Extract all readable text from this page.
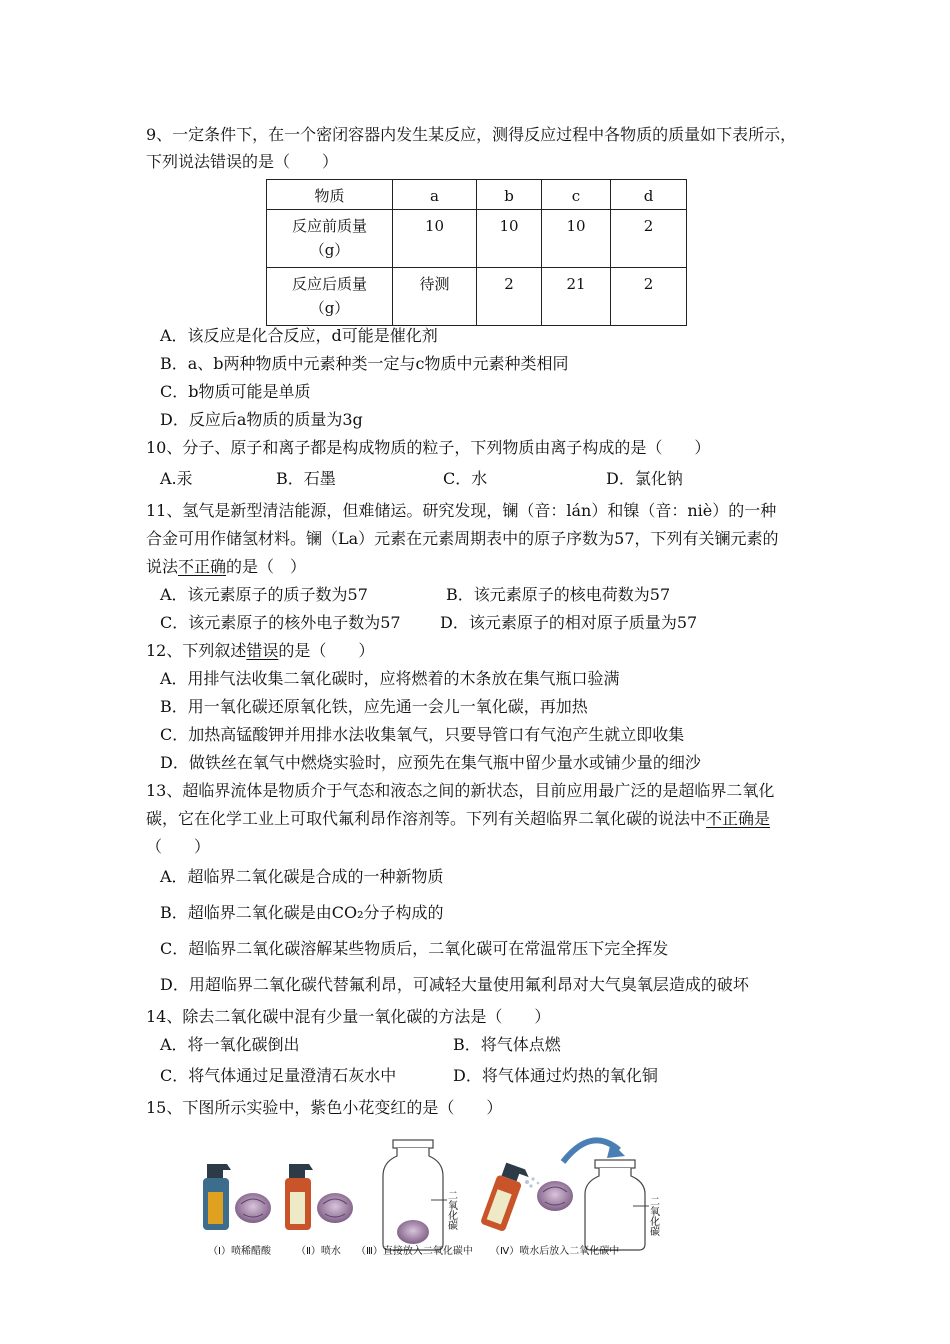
9、一定条件下，在一个密闭容器内发生某反应，测得反应过程中各物质的质量如下表所示，
下列说法错误的是（　　）
物质	a	b	c	d

反应前质量
（g）	10	10	10	2

反应后质量
（g）	待测	2	21	2
A．该反应是化合反应，d可能是催化剂
B．a、b两种物质中元素种类一定与c物质中元素种类相同
C．b物质可能是单质
D．反应后a物质的质量为3g
10、分子、原子和离子都是构成物质的粒子，下列物质由离子构成的是（　　）
A.汞	B．石墨	C．水	D．氯化钠
11、氢气是新型清洁能源，但难储运。研究发现，镧（音：lán）和镍（音：niè）的一种
合金可用作储氢材料。镧（La）元素在元素周期表中的原子序数为57，下列有关镧元素的
说法不正确的是（　）
A．该元素原子的质子数为57	B．该元素原子的核电荷数为57
C．该元素原子的核外电子数为57 D．该元素原子的相对原子质量为57
12、下列叙述错误的是（　　）
A．用排气法收集二氧化碳时，应将燃着的木条放在集气瓶口验满
B．用一氧化碳还原氧化铁，应先通一会儿一氧化碳，再加热
C．加热高锰酸钾并用排水法收集氧气，只要导管口有气泡产生就立即收集
D．做铁丝在氧气中燃烧实验时，应预先在集气瓶中留少量水或铺少量的细沙
13、超临界流体是物质介于气态和液态之间的新状态，目前应用最广泛的是超临界二氧化
碳，它在化学工业上可取代氟利昂作溶剂等。下列有关超临界二氧化碳的说法中不正确是
（　　）
A．超临界二氧化碳是合成的一种新物质
B．超临界二氧化碳是由CO₂分子构成的
C．超临界二氧化碳溶解某些物质后，二氧化碳可在常温常压下完全挥发
D．用超临界二氧化碳代替氟利昂，可减轻大量使用氟利昂对大气臭氧层造成的破坏
14、除去二氧化碳中混有少量一氧化碳的方法是（　　）
A．将一氧化碳倒出	B．将气体点燃
C．将气体通过足量澄清石灰水中	D．将气体通过灼热的氧化铜
15、下图所示实验中，紫色小花变红的是（　　）
二氧化碳	二氧化碳
（Ⅰ）喷稀醋酸	（Ⅱ）喷水 （Ⅲ）直接放入二氧化碳中 （Ⅳ）喷水后放入二氧化碳中
